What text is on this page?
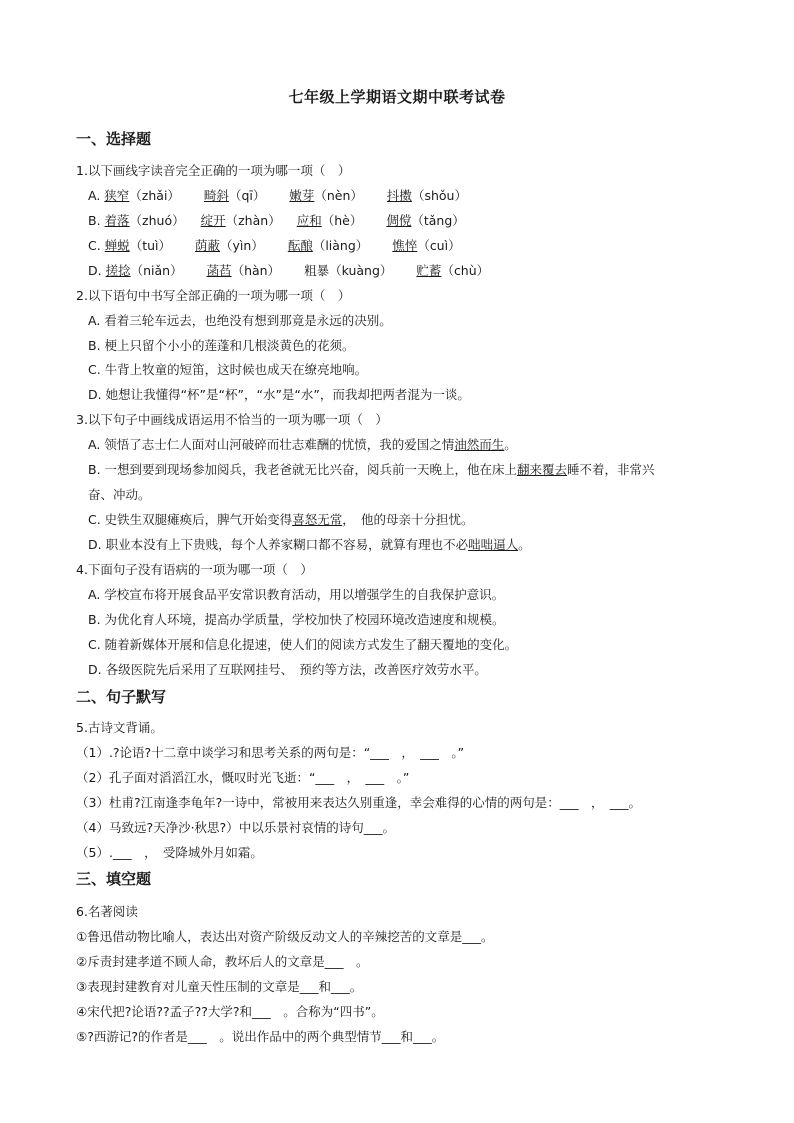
七年级上学期语文期中联考试卷
一、选择题
1.以下画线字读音完全正确的一项为哪一项（　）
A. 狭窄（zhǎi） 畸斜（qī） 嫩芽（nèn） 抖擞（shǒu）
B. 着落（zhuó） 绽开（zhàn） 应和（hè） 倜傥（tǎng）
C. 蝉蜕（tuì） 荫蔽（yìn） 酝酿（liàng） 憔悴（cuì）
D. 搓捻（niǎn） 菡萏（hàn） 粗暴（kuàng） 贮蓄（chù）
2.以下语句中书写全部正确的一项为哪一项（　）
A. 看着三轮车远去，也绝没有想到那竟是永远的决别。
B. 梗上只留个小小的莲蓬和几根淡黄色的花须。
C. 牛背上牧童的短笛，这时候也成天在缭亮地响。
D. 她想让我懂得“杯”是“杯”，“水”是“水”，而我却把两者混为一谈。
3.以下句子中画线成语运用不恰当的一项为哪一项（　）
A. 领悟了志士仁人面对山河破碎而壮志难酬的忧愤，我的爱国之情油然而生。
B. 一想到要到现场参加阅兵，我老爸就无比兴奋，阅兵前一天晚上，他在床上翻来覆去睡不着，非常兴
奋、冲动。
C. 史铁生双腿瘫痪后，脾气开始变得喜怒无常，　他的母亲十分担忧。
D. 职业本没有上下贵贱，每个人养家糊口都不容易，就算有理也不必咄咄逼人。
4.下面句子没有语病的一项为哪一项（　）
A. 学校宣布将开展食品平安常识教育活动，用以增强学生的自我保护意识。
B. 为优化育人环境，提高办学质量，学校加快了校园环境改造速度和规模。
C. 随着新媒体开展和信息化提速，使人们的阅读方式发生了翻天覆地的变化。
D. 各级医院先后采用了互联网挂号、　预约等方法，改善医疗效劳水平。
二、句子默写
5.古诗文背诵。
（1）.?论语?十二章中谈学习和思考关系的两句是：“___　，　___　。”
（2）孔子面对滔滔江水，慨叹时光飞逝：“___　，　___　。”
（3）杜甫?江南逢李龟年?一诗中，常被用来表达久别重逢，幸会难得的心情的两句是：___　，　___。
（4）马致远?天净沙·秋思?）中以乐景衬哀情的诗句___。
（5）.___　，　受降城外月如霜。
三、填空题
6.名著阅读
①鲁迅借动物比喻人，表达出对资产阶级反动文人的辛辣挖苦的文章是___。
②斥责封建孝道不顾人命，教坏后人的文章是___　。
③表现封建教育对儿童天性压制的文章是___和___。
④宋代把?论语??孟子??大学?和___　。合称为“四书”。
⑤?西游记?的作者是___　。说出作品中的两个典型情节___和___。
